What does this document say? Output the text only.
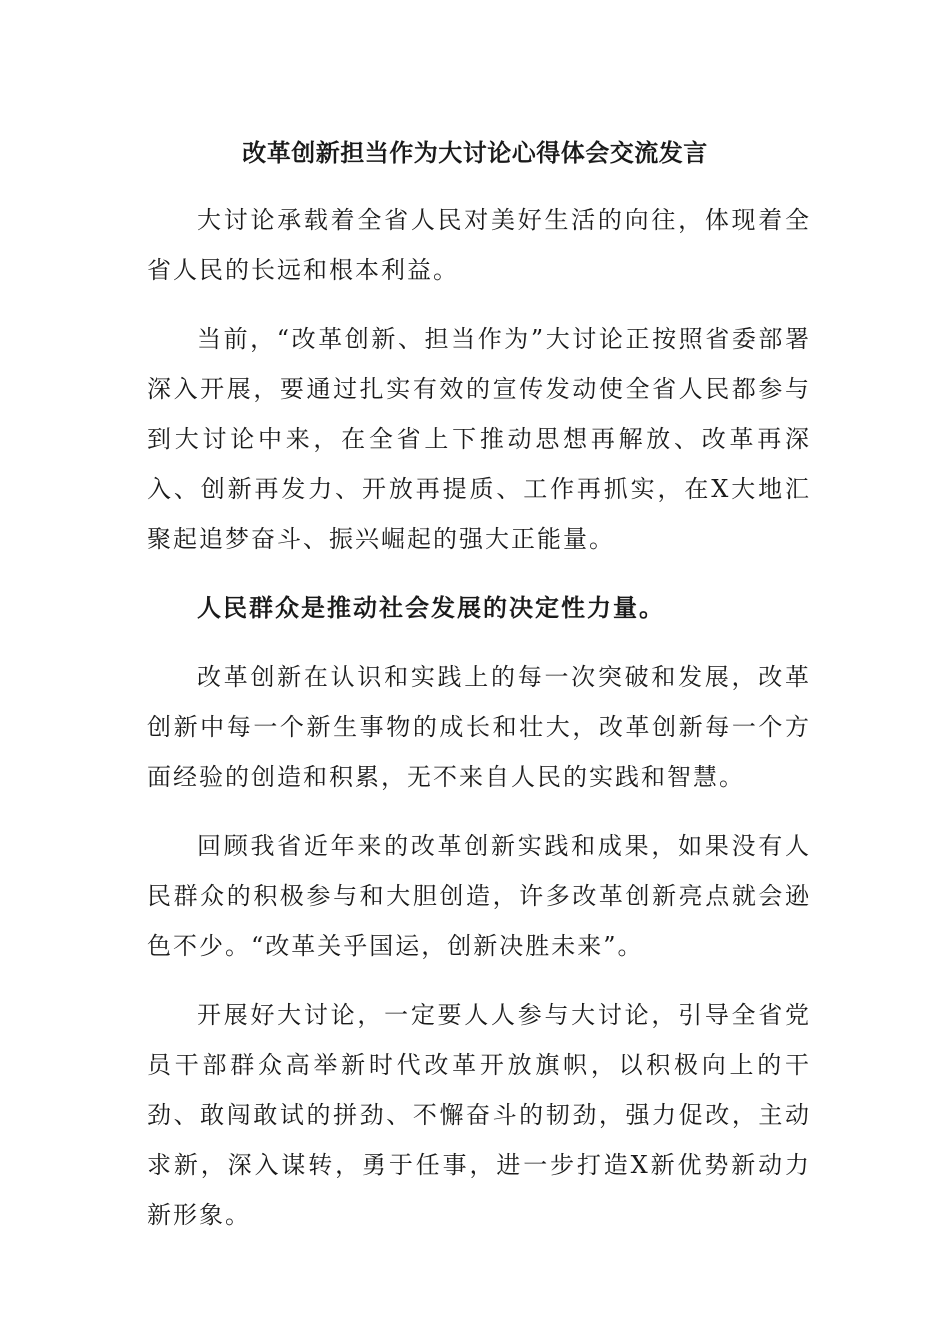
改革创新担当作为大讨论心得体会交流发言

大讨论承载着全省人民对美好生活的向往，体现着全省人民的长远和根本利益。

当前，“改革创新、担当作为”大讨论正按照省委部署深入开展，要通过扎实有效的宣传发动使全省人民都参与到大讨论中来，在全省上下推动思想再解放、改革再深入、创新再发力、开放再提质、工作再抓实，在X大地汇聚起追梦奋斗、振兴崛起的强大正能量。

人民群众是推动社会发展的决定性力量。

改革创新在认识和实践上的每一次突破和发展，改革创新中每一个新生事物的成长和壮大，改革创新每一个方面经验的创造和积累，无不来自人民的实践和智慧。

回顾我省近年来的改革创新实践和成果，如果没有人民群众的积极参与和大胆创造，许多改革创新亮点就会逊色不少。“改革关乎国运，创新决胜未来”。

开展好大讨论，一定要人人参与大讨论，引导全省党员干部群众高举新时代改革开放旗帜，以积极向上的干劲、敢闯敢试的拼劲、不懈奋斗的韧劲，强力促改，主动求新，深入谋转，勇于任事，进一步打造X新优势新动力新形象。
